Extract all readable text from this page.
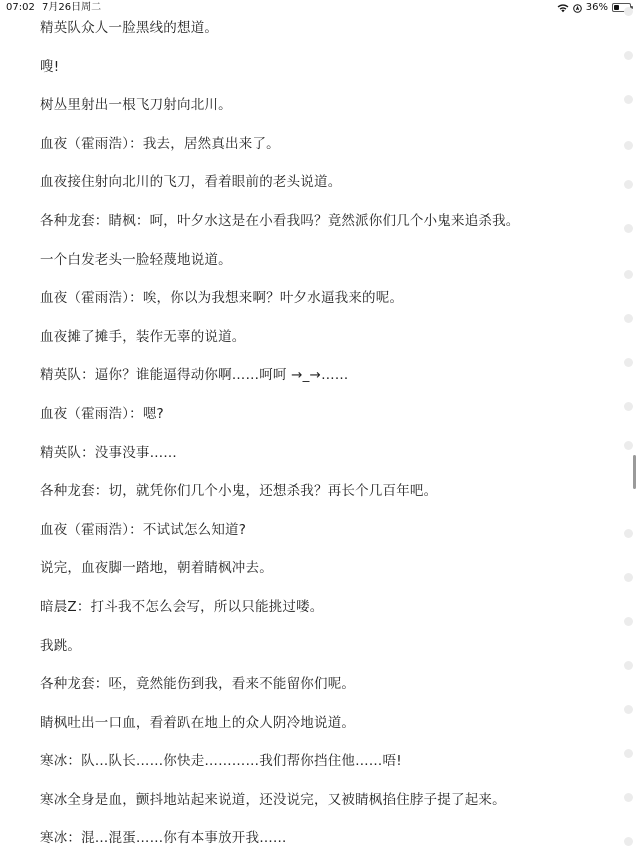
07:02 7月26日周二	36%

精英队众人一脸黑线的想道。

嗖!

树丛里射出一根飞刀射向北川。

血夜（霍雨浩）：我去，居然真出来了。

血夜接住射向北川的飞刀，看着眼前的老头说道。

各种龙套：睛枫：呵，叶夕水这是在小看我吗？竟然派你们几个小鬼来追杀我。

一个白发老头一脸轻蔑地说道。

血夜（霍雨浩）：唉，你以为我想来啊？叶夕水逼我来的呢。

血夜摊了摊手，装作无辜的说道。

精英队：逼你？谁能逼得动你啊……呵呵 →_→……

血夜（霍雨浩）：嗯?

精英队：没事没事……

各种龙套：切，就凭你们几个小鬼，还想杀我？再长个几百年吧。

血夜（霍雨浩）：不试试怎么知道?

说完，血夜脚一踏地，朝着睛枫冲去。

暗晨Z：打斗我不怎么会写，所以只能挑过喽。

我跳。

各种龙套：呸，竟然能伤到我，看来不能留你们呢。

睛枫吐出一口血，看着趴在地上的众人阴冷地说道。

寒冰：队…队长……你快走…………我们帮你挡住他……唔!

寒冰全身是血，颤抖地站起来说道，还没说完，又被睛枫掐住脖子提了起来。

寒冰：混…混蛋……你有本事放开我……
